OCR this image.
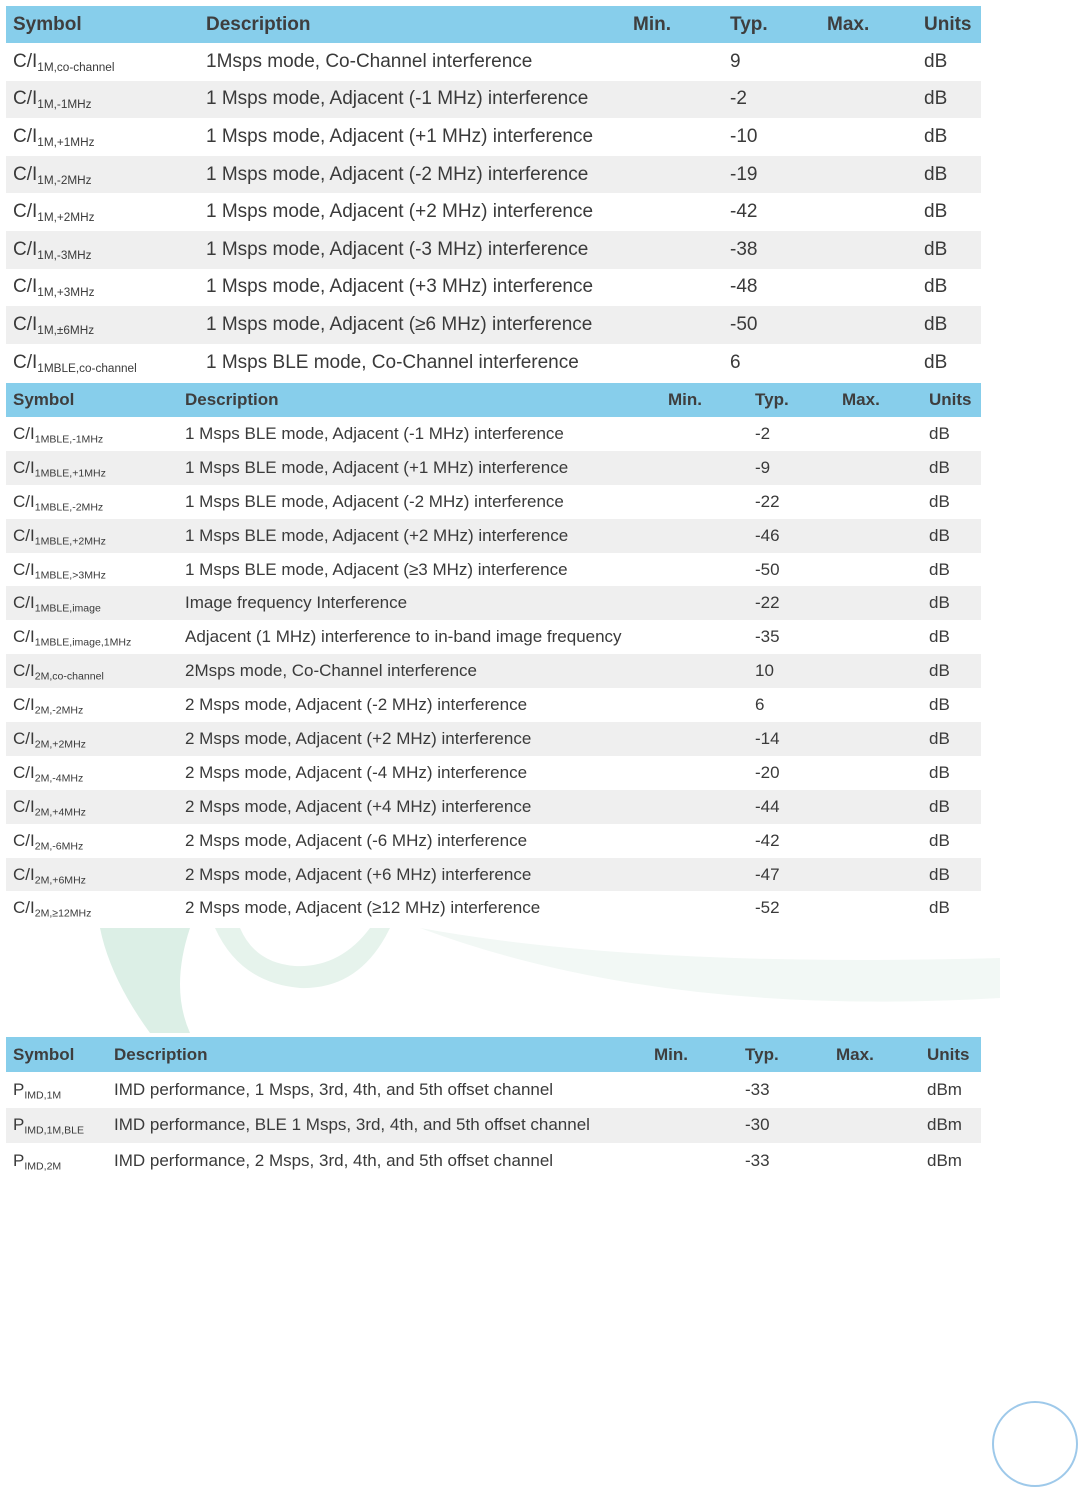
Symbol	Description	Min.	Typ.	Max.	Units
$C/I_{1M,co-channel}$	1Msps mode, Co-Channel interference		9		dB
$C/I_{1M,-1MHz}$	1 Msps mode, Adjacent (-1 MHz) interference		-2		dB
$C/I_{1M,+1MHz}$	1 Msps mode, Adjacent (+1 MHz) interference		-10		dB
$C/I_{1M,-2MHz}$	1 Msps mode, Adjacent (-2 MHz) interference		-19		dB
$C/I_{1M,+2MHz}$	1 Msps mode, Adjacent (+2 MHz) interference		-42		dB
$C/I_{1M,-3MHz}$	1 Msps mode, Adjacent (-3 MHz) interference		-38		dB
$C/I_{1M,+3MHz}$	1 Msps mode, Adjacent (+3 MHz) interference		-48		dB
$C/I_{1M,\pm 6MHz}$	1 Msps mode, Adjacent (≥6 MHz) interference		-50		dB
$C/I_{1MBLE,co-channel}$	1 Msps BLE mode, Co-Channel interference		6		dB
Symbol	Description	Min.	Typ.	Max.	Units
$C/I_{1MBLE,-1MHz}$	1 Msps BLE mode, Adjacent (-1 MHz) interference		-2		dB
$C/I_{1MBLE,+1MHz}$	1 Msps BLE mode, Adjacent (+1 MHz) interference		-9		dB
$C/I_{1MBLE,-2MHz}$	1 Msps BLE mode, Adjacent (-2 MHz) interference		-22		dB
$C/I_{1MBLE,+2MHz}$	1 Msps BLE mode, Adjacent (+2 MHz) interference		-46		dB
$C/I_{1MBLE,>3MHz}$	1 Msps BLE mode, Adjacent (≥3 MHz) interference		-50		dB
$C/I_{1MBLE,image}$	Image frequency Interference		-22		dB
$C/I_{1MBLE,image,1MHz}$	Adjacent (1 MHz) interference to in-band image frequency		-35		dB
$C/I_{2M,co-channel}$	2Msps mode, Co-Channel interference		10		dB
$C/I_{2M,-2MHz}$	2 Msps mode, Adjacent (-2 MHz) interference		6		dB
$C/I_{2M,+2MHz}$	2 Msps mode, Adjacent (+2 MHz) interference		-14		dB
$C/I_{2M,-4MHz}$	2 Msps mode, Adjacent (-4 MHz) interference		-20		dB
$C/I_{2M,+4MHz}$	2 Msps mode, Adjacent (+4 MHz) interference		-44		dB
$C/I_{2M,-6MHz}$	2 Msps mode, Adjacent (-6 MHz) interference		-42		dB
$C/I_{2M,+6MHz}$	2 Msps mode, Adjacent (+6 MHz) interference		-47		dB
$C/I_{2M,\ge 12MHz}$	2 Msps mode, Adjacent (≥12 MHz) interference		-52		dB
Symbol	Description	Min.	Typ.	Max.	Units
$P_{IMD,1M}$	IMD performance, 1 Msps, 3rd, 4th, and 5th offset channel		-33		dBm
$P_{IMD,1M,BLE}$	IMD performance, BLE 1 Msps, 3rd, 4th, and 5th offset channel		-30		dBm
$P_{IMD,2M}$	IMD performance, 2 Msps, 3rd, 4th, and 5th offset channel		-33		dBm
